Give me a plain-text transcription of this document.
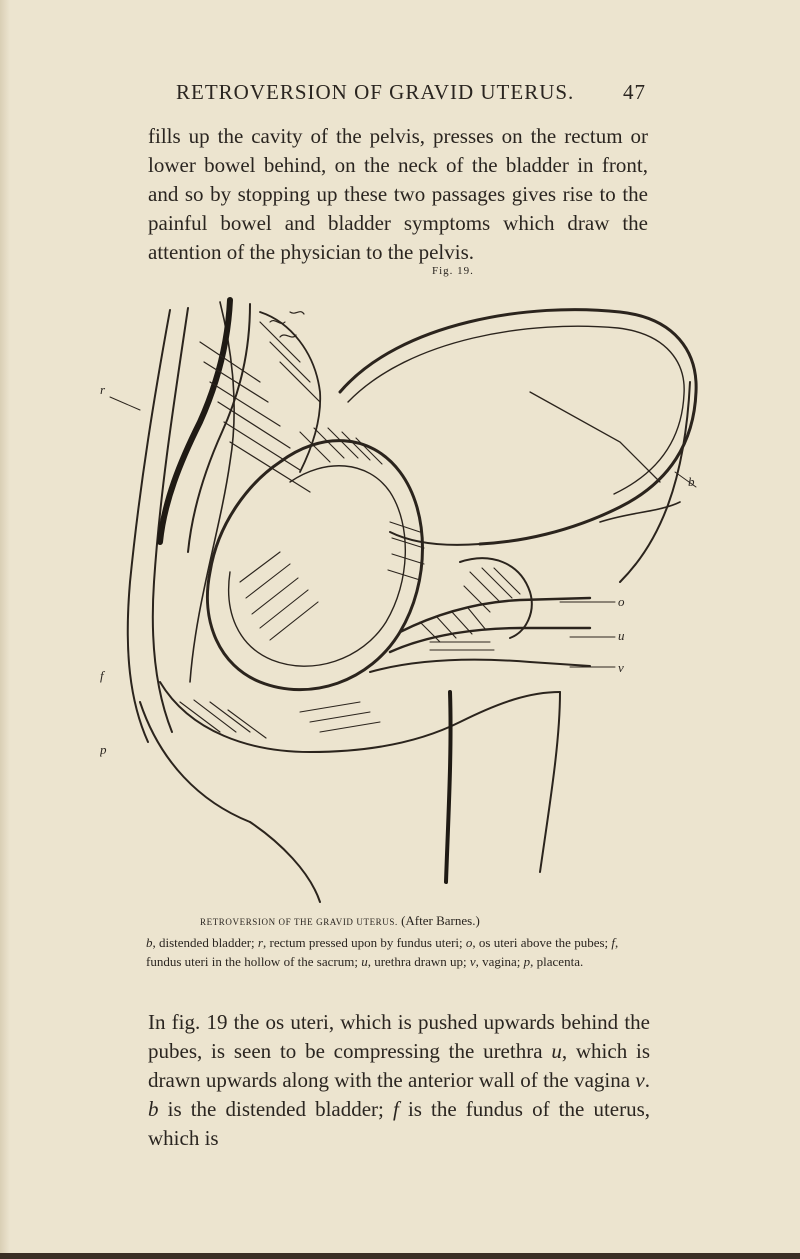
RETROVERSION OF GRAVID UTERUS. 47
fills up the cavity of the pelvis, presses on the rectum or lower bowel behind, on the neck of the bladder in front, and so by stopping up these two passages gives rise to the painful bowel and bladder symptoms which draw the attention of the physician to the pelvis.
Fig. 19.
r
b
o
u
v
f
p
RETROVERSION OF THE GRAVID UTERUS. (After Barnes.)
b, distended bladder; r, rectum pressed upon by fundus uteri; o, os uteri above the pubes; f, fundus uteri in the hollow of the sacrum; u, urethra drawn up; v, vagina; p, placenta.
In fig. 19 the os uteri, which is pushed upwards behind the pubes, is seen to be compressing the urethra u, which is drawn upwards along with the anterior wall of the vagina v. b is the distended bladder; f is the fundus of the uterus, which is
